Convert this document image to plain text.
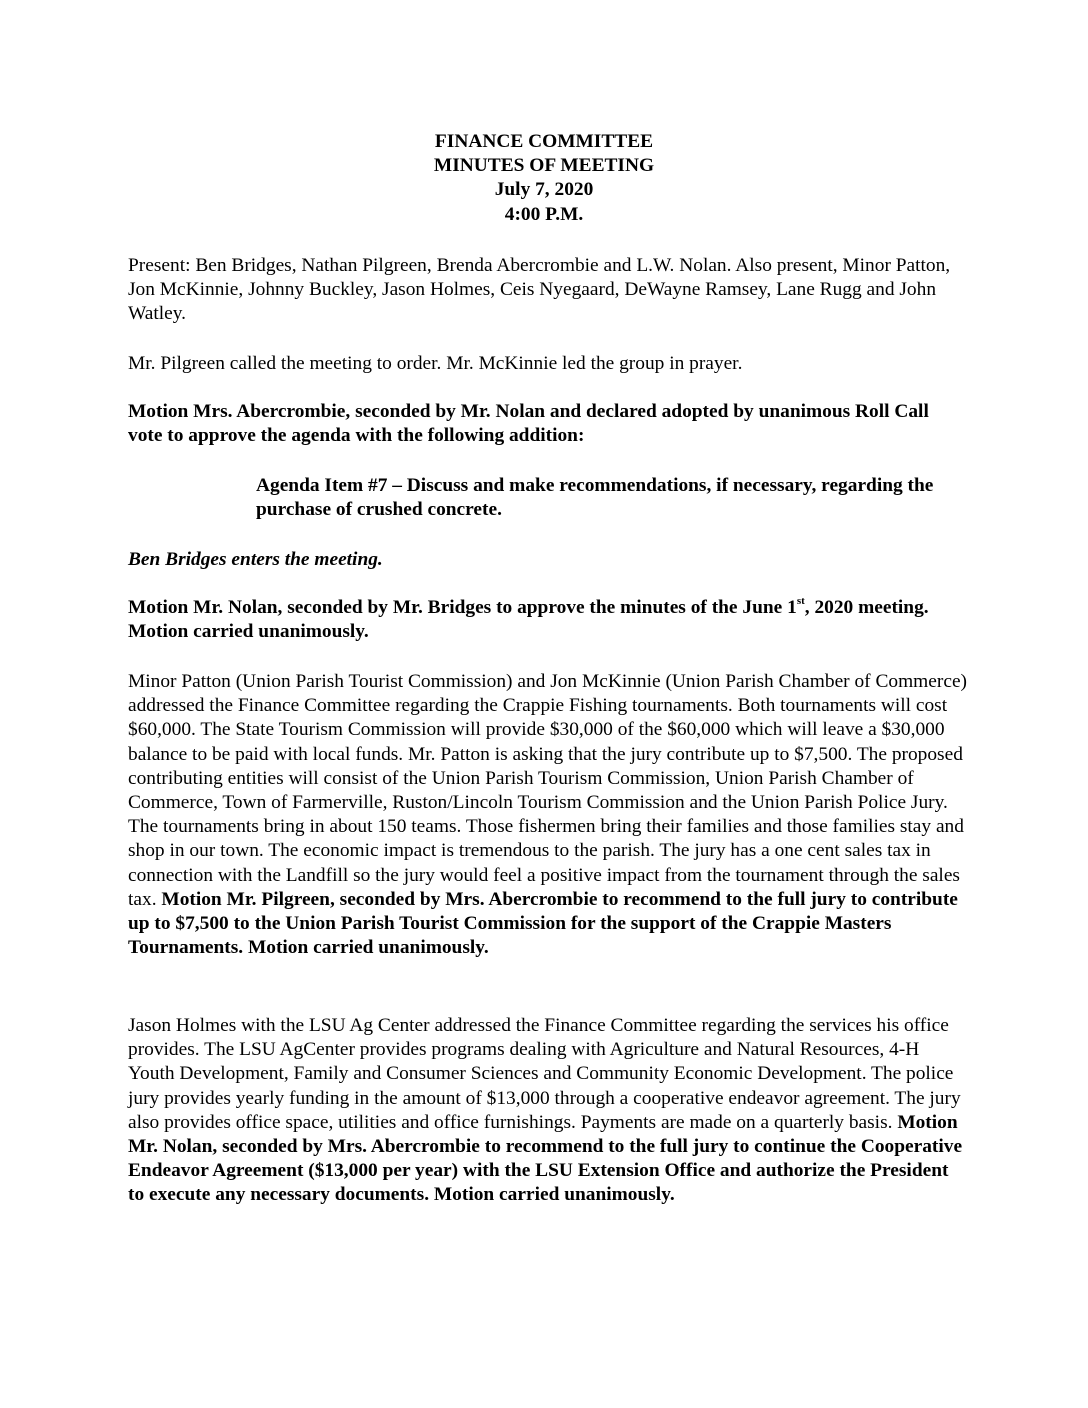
FINANCE COMMITTEE
MINUTES OF MEETING
July 7, 2020
4:00 P.M.

Present: Ben Bridges, Nathan Pilgreen, Brenda Abercrombie and L.W. Nolan. Also present, Minor Patton, Jon McKinnie, Johnny Buckley, Jason Holmes, Ceis Nyegaard, DeWayne Ramsey, Lane Rugg and John Watley.

Mr. Pilgreen called the meeting to order. Mr. McKinnie led the group in prayer.

Motion Mrs. Abercrombie, seconded by Mr. Nolan and declared adopted by unanimous Roll Call vote to approve the agenda with the following addition:

Agenda Item #7 – Discuss and make recommendations, if necessary, regarding the purchase of crushed concrete.

Ben Bridges enters the meeting.

Motion Mr. Nolan, seconded by Mr. Bridges to approve the minutes of the June 1st, 2020 meeting. Motion carried unanimously.

Minor Patton (Union Parish Tourist Commission) and Jon McKinnie (Union Parish Chamber of Commerce) addressed the Finance Committee regarding the Crappie Fishing tournaments. Both tournaments will cost $60,000. The State Tourism Commission will provide $30,000 of the $60,000 which will leave a $30,000 balance to be paid with local funds. Mr. Patton is asking that the jury contribute up to $7,500. The proposed contributing entities will consist of the Union Parish Tourism Commission, Union Parish Chamber of Commerce, Town of Farmerville, Ruston/Lincoln Tourism Commission and the Union Parish Police Jury. The tournaments bring in about 150 teams. Those fishermen bring their families and those families stay and shop in our town. The economic impact is tremendous to the parish. The jury has a one cent sales tax in connection with the Landfill so the jury would feel a positive impact from the tournament through the sales tax. Motion Mr. Pilgreen, seconded by Mrs. Abercrombie to recommend to the full jury to contribute up to $7,500 to the Union Parish Tourist Commission for the support of the Crappie Masters Tournaments. Motion carried unanimously.

Jason Holmes with the LSU Ag Center addressed the Finance Committee regarding the services his office provides. The LSU AgCenter provides programs dealing with Agriculture and Natural Resources, 4-H Youth Development, Family and Consumer Sciences and Community Economic Development. The police jury provides yearly funding in the amount of $13,000 through a cooperative endeavor agreement. The jury also provides office space, utilities and office furnishings. Payments are made on a quarterly basis. Motion Mr. Nolan, seconded by Mrs. Abercrombie to recommend to the full jury to continue the Cooperative Endeavor Agreement ($13,000 per year) with the LSU Extension Office and authorize the President to execute any necessary documents. Motion carried unanimously.
